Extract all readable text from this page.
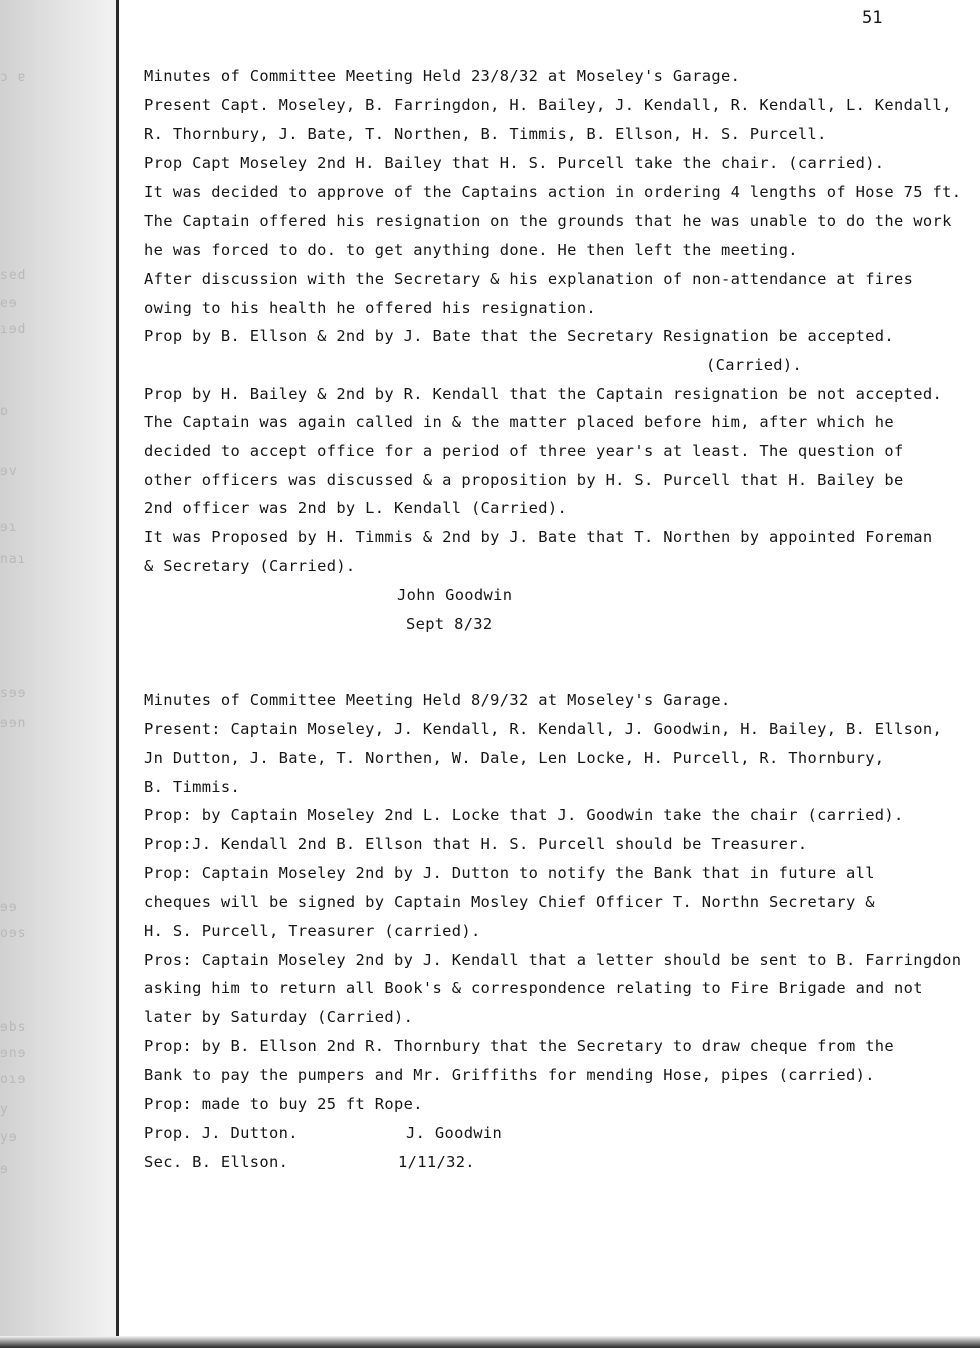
ɔ ɐ
sed
eɘ
ɿɘd
ɒ
ɘv
ɘɿ
naɿ
sɘɘ
ɘɘn
ɘɘ
oɘs
ɘbs
ɘnɘ
oɿɘ
y
yɘ
ɘ
51
Minutes of Committee Meeting Held 23/8/32 at Moseley's Garage.
Present Capt. Moseley, B. Farringdon, H. Bailey, J. Kendall, R. Kendall, L. Kendall,
R. Thornbury, J. Bate, T. Northen, B. Timmis, B. Ellson, H. S. Purcell.
Prop Capt Moseley 2nd H. Bailey that H. S. Purcell take the chair. (carried).
It was decided to approve of the Captains action in ordering 4 lengths of Hose 75 ft.
The Captain offered his resignation on the grounds that he was unable to do the work
he was forced to do. to get anything done. He then left the meeting.
After discussion with the Secretary & his explanation of non-attendance at fires
owing to his health he offered his resignation.
Prop by B. Ellson & 2nd by J. Bate that the Secretary Resignation be accepted.
(Carried).
Prop by H. Bailey & 2nd by R. Kendall that the Captain resignation be not accepted.
The Captain was again called in & the matter placed before him, after which he
decided to accept office for a period of three year's at least. The question of
other officers was discussed & a proposition by H. S. Purcell that H. Bailey be
2nd officer was 2nd by L. Kendall (Carried).
It was Proposed by H. Timmis & 2nd by J. Bate that T. Northen by appointed Foreman
& Secretary (Carried).
John Goodwin
Sept 8/32
Minutes of Committee Meeting Held 8/9/32 at Moseley's Garage.
Present: Captain Moseley, J. Kendall, R. Kendall, J. Goodwin, H. Bailey, B. Ellson,
Jn Dutton, J. Bate, T. Northen, W. Dale, Len Locke, H. Purcell, R. Thornbury,
B. Timmis.
Prop: by Captain Moseley 2nd L. Locke that J. Goodwin take the chair (carried).
Prop:J. Kendall 2nd B. Ellson that H. S. Purcell should be Treasurer.
Prop: Captain Moseley 2nd by J. Dutton to notify the Bank that in future all
cheques will be signed by Captain Mosley Chief Officer T. Northn Secretary &
H. S. Purcell, Treasurer (carried).
Pros: Captain Moseley 2nd by J. Kendall that a letter should be sent to B. Farringdon
asking him to return all Book's & correspondence relating to Fire Brigade and not
later by Saturday (Carried).
Prop: by B. Ellson 2nd R. Thornbury that the Secretary to draw cheque from the
Bank to pay the pumpers and Mr. Griffiths for mending Hose, pipes (carried).
Prop: made to buy 25 ft Rope.
Prop. J. Dutton.	J. Goodwin
Sec. B. Ellson.	1/11/32.
